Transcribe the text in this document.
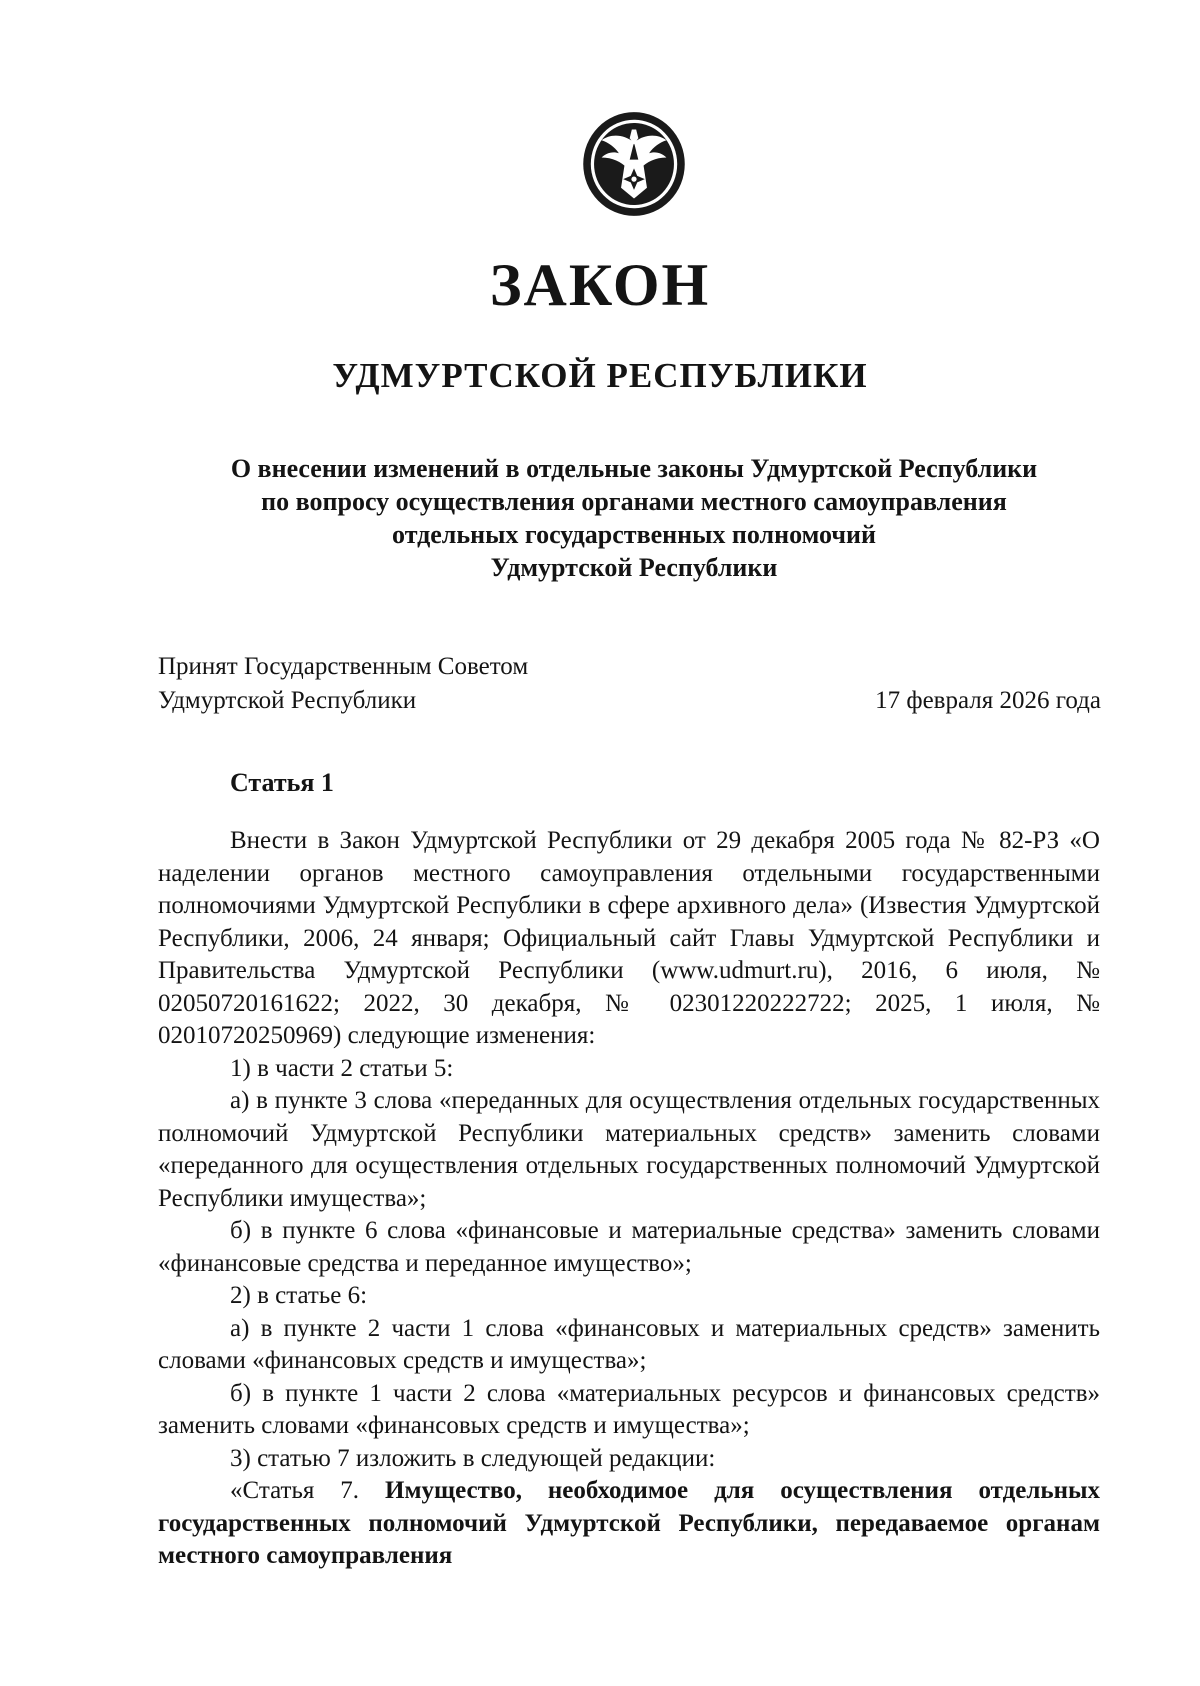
ЗАКОН
УДМУРТСКОЙ РЕСПУБЛИКИ
О внесении изменений в отдельные законы Удмуртской Республики
по вопросу осуществления органами местного самоуправления
отдельных государственных полномочий
Удмуртской Республики
Принят Государственным Советом
Удмуртской Республики	17 февраля 2026 года
Статья 1

Внести в Закон Удмуртской Республики от 29 декабря 2005 года № 82-РЗ «О наделении органов местного самоуправления отдельными государственными полномочиями Удмуртской Республики в сфере архивного дела» (Известия Удмуртской Республики, 2006, 24 января; Официальный сайт Главы Удмуртской Республики и Правительства Удмуртской Республики (www.udmurt.ru), 2016, 6 июля, № 02050720161622; 2022, 30 декабря, № 02301220222722; 2025, 1 июля, № 02010720250969) следующие изменения:

1) в части 2 статьи 5:

а) в пункте 3 слова «переданных для осуществления отдельных государственных полномочий Удмуртской Республики материальных средств» заменить словами «переданного для осуществления отдельных государственных полномочий Удмуртской Республики имущества»;

б) в пункте 6 слова «финансовые и материальные средства» заменить словами «финансовые средства и переданное имущество»;

2) в статье 6:

а) в пункте 2 части 1 слова «финансовых и материальных средств» заменить словами «финансовых средств и имущества»;

б) в пункте 1 части 2 слова «материальных ресурсов и финансовых средств» заменить словами «финансовых средств и имущества»;

3) статью 7 изложить в следующей редакции:

«Статья 7. Имущество, необходимое для осуществления отдельных государственных полномочий Удмуртской Республики, передаваемое органам местного самоуправления
